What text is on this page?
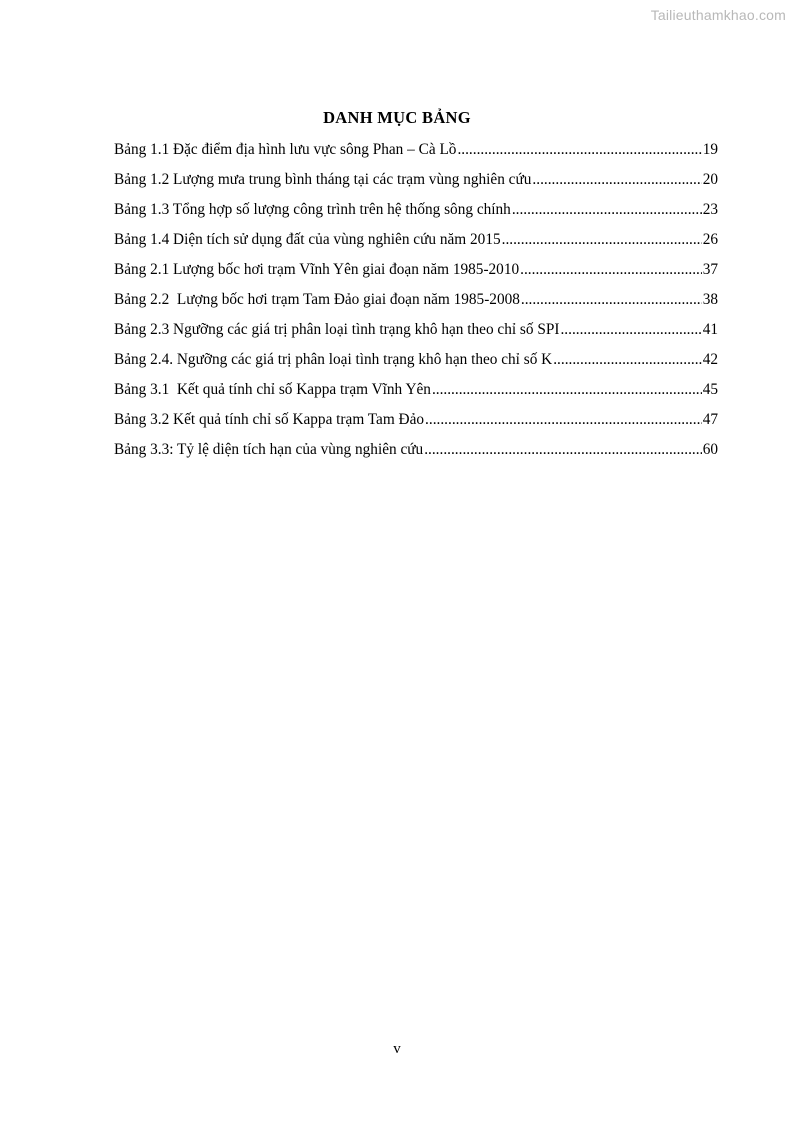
Tailieuthamkhao.com
DANH MỤC BẢNG
Bảng 1.1 Đặc điểm địa hình lưu vực sông Phan – Cà Lồ .....	19
Bảng 1.2 Lượng mưa trung bình tháng tại các trạm vùng nghiên cứu .....	20
Bảng 1.3 Tổng hợp số lượng công trình trên hệ thống sông chính .....	23
Bảng 1.4 Diện tích sử dụng đất của vùng nghiên cứu năm 2015 .....	26
Bảng 2.1 Lượng bốc hơi trạm Vĩnh Yên giai đoạn năm 1985-2010 .....	37
Bảng 2.2  Lượng bốc hơi trạm Tam Đảo giai đoạn năm 1985-2008 .....	38
Bảng 2.3 Ngưỡng các giá trị phân loại tình trạng khô hạn theo chỉ số SPI .....	41
Bảng 2.4. Ngưỡng các giá trị phân loại tình trạng khô hạn theo chỉ số K .....	42
Bảng 3.1  Kết quả tính chỉ số Kappa trạm Vĩnh Yên .....	45
Bảng 3.2 Kết quả tính chỉ số Kappa trạm Tam Đảo .....	47
Bảng 3.3: Tỷ lệ diện tích hạn của vùng nghiên cứu .....	60
v
